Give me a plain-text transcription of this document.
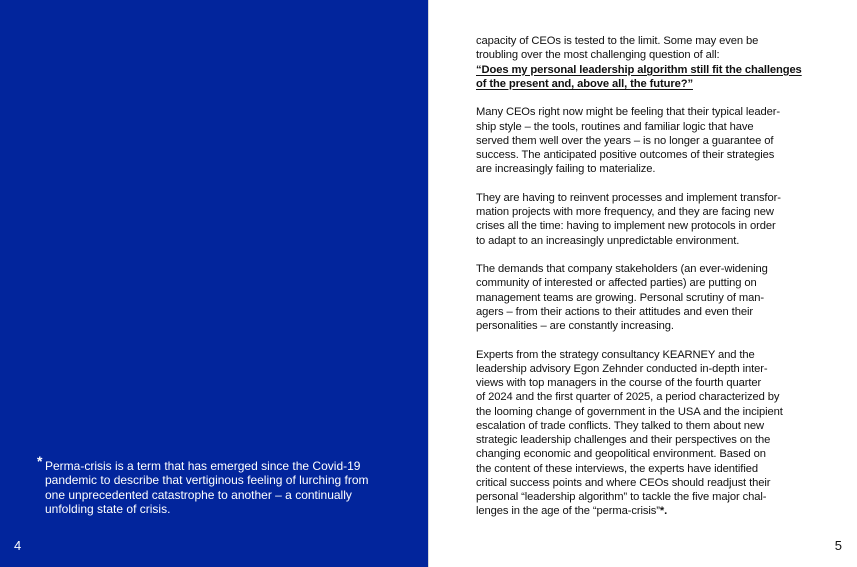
* Perma-crisis is a term that has emerged since the Covid-19
pandemic to describe that vertiginous feeling of lurching from
one unprecedented catastrophe to another – a continually
unfolding state of crisis.
4

capacity of CEOs is tested to the limit. Some may even be
troubling over the most challenging question of all:
“Does my personal leadership algorithm still fit the challenges
of the present and, above all, the future?”

Many CEOs right now might be feeling that their typical leader-
ship style – the tools, routines and familiar logic that have
served them well over the years – is no longer a guarantee of
success. The anticipated positive outcomes of their strategies
are increasingly failing to materialize.

They are having to reinvent processes and implement transfor-
mation projects with more frequency, and they are facing new
crises all the time: having to implement new protocols in order
to adapt to an increasingly unpredictable environment.

The demands that company stakeholders (an ever-widening
community of interested or affected parties) are putting on
management teams are growing. Personal scrutiny of man-
agers – from their actions to their attitudes and even their
personalities – are constantly increasing.

Experts from the strategy consultancy KEARNEY and the
leadership advisory Egon Zehnder conducted in-depth inter-
views with top managers in the course of the fourth quarter
of 2024 and the first quarter of 2025, a period characterized by
the looming change of government in the USA and the incipient
escalation of trade conflicts. They talked to them about new
strategic leadership challenges and their perspectives on the
changing economic and geopolitical environment. Based on
the content of these interviews, the experts have identified
critical success points and where CEOs should readjust their
personal “leadership algorithm” to tackle the five major chal-
lenges in the age of the “perma-crisis”*.

5
